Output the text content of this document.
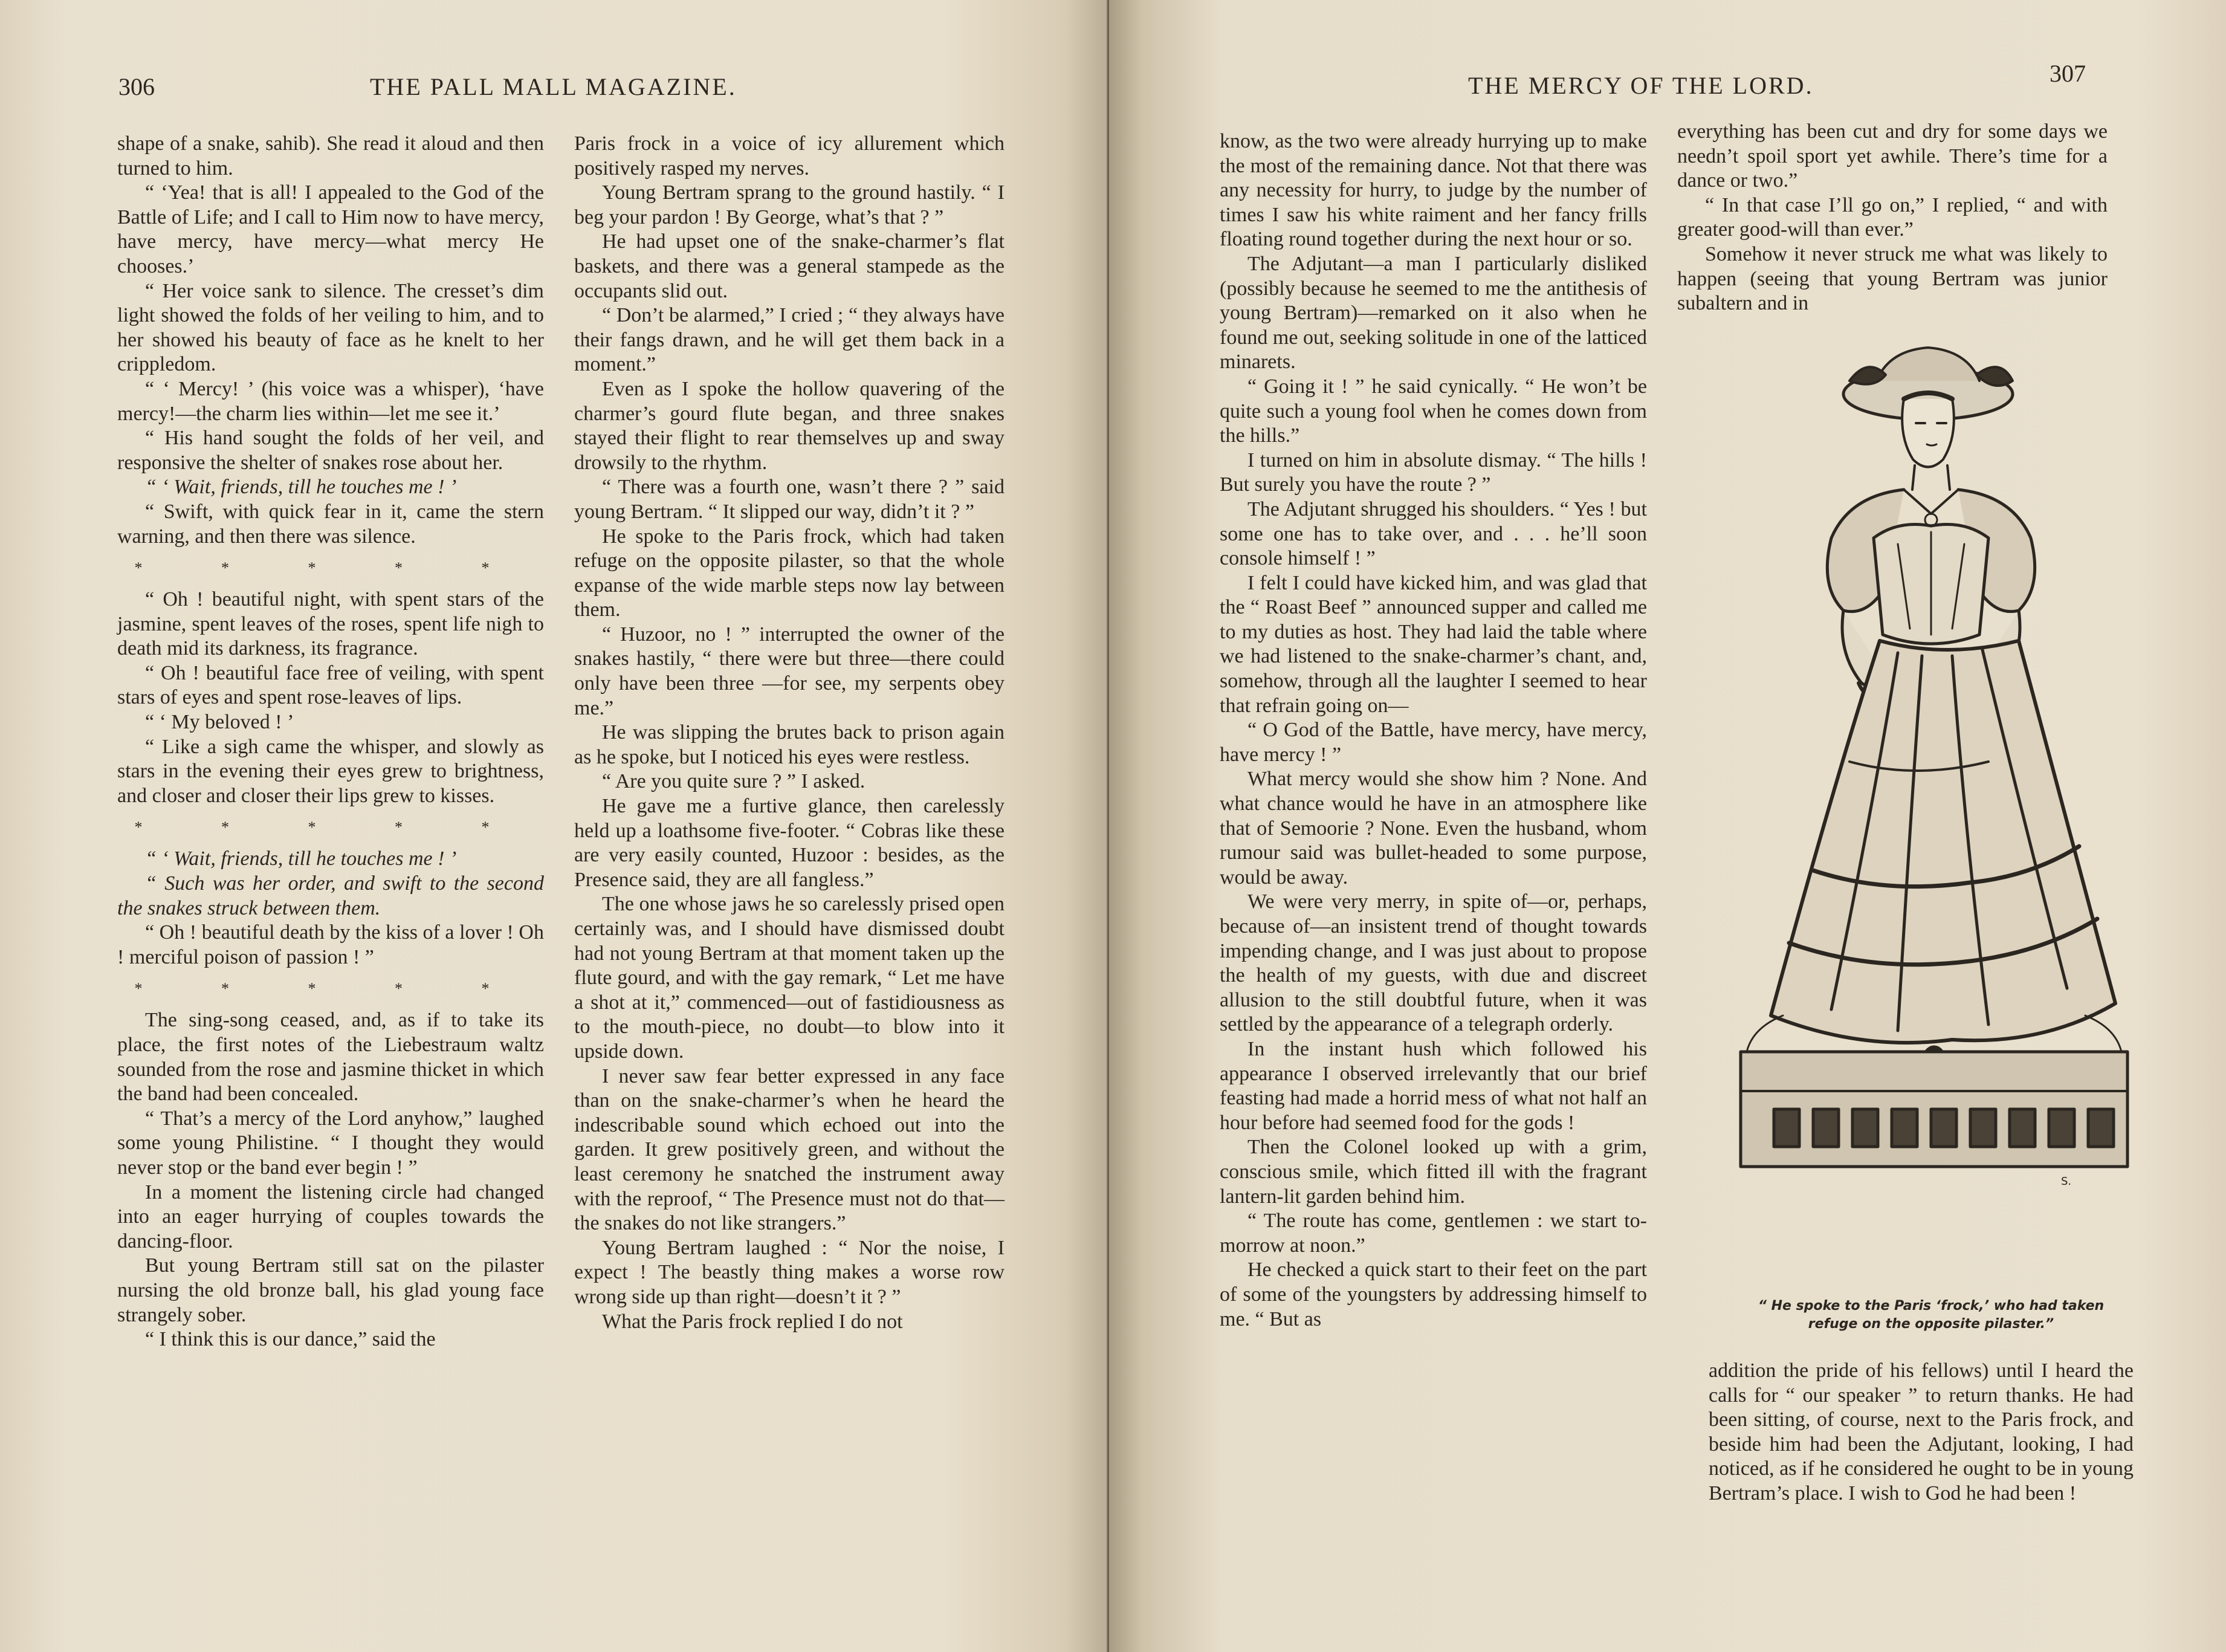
306	THE PALL MALL MAGAZINE.

shape of a snake, sahib). She read it aloud and then turned to him.

“ ‘Yea! that is all! I appealed to the God of the Battle of Life; and I call to Him now to have mercy, have mercy, have mercy—what mercy He chooses.’

“ Her voice sank to silence. The cresset’s dim light showed the folds of her veiling to him, and to her showed his beauty of face as he knelt to her crippledom.

“ ‘ Mercy! ’ (his voice was a whisper), ‘have mercy!—the charm lies within—let me see it.’

“ His hand sought the folds of her veil, and responsive the shelter of snakes rose about her.

“ ‘ Wait, friends, till he touches me ! ’

“ Swift, with quick fear in it, came the stern warning, and then there was silence.

* * * * *

“ Oh ! beautiful night, with spent stars of the jasmine, spent leaves of the roses, spent life nigh to death mid its darkness, its fragrance.

“ Oh ! beautiful face free of veiling, with spent stars of eyes and spent rose-leaves of lips.

“ ‘ My beloved ! ’

“ Like a sigh came the whisper, and slowly as stars in the evening their eyes grew to brightness, and closer and closer their lips grew to kisses.

* * * * *

“ ‘ Wait, friends, till he touches me ! ’

“ Such was her order, and swift to the second the snakes struck between them.

“ Oh ! beautiful death by the kiss of a lover ! Oh ! merciful poison of passion ! ”

* * * * *

The sing-song ceased, and, as if to take its place, the first notes of the Liebestraum waltz sounded from the rose and jasmine thicket in which the band had been concealed.

“ That’s a mercy of the Lord anyhow,” laughed some young Philistine. “ I thought they would never stop or the band ever begin ! ”

In a moment the listening circle had changed into an eager hurrying of couples towards the dancing-floor.

But young Bertram still sat on the pilaster nursing the old bronze ball, his glad young face strangely sober.

“ I think this is our dance,” said the

Paris frock in a voice of icy allurement which positively rasped my nerves.

Young Bertram sprang to the ground hastily. “ I beg your pardon ! By George, what’s that ? ”

He had upset one of the snake-charmer’s flat baskets, and there was a general stampede as the occupants slid out.

“ Don’t be alarmed,” I cried ; “ they always have their fangs drawn, and he will get them back in a moment.”

Even as I spoke the hollow quavering of the charmer’s gourd flute began, and three snakes stayed their flight to rear themselves up and sway drowsily to the rhythm.

“ There was a fourth one, wasn’t there ? ” said young Bertram. “ It slipped our way, didn’t it ? ”

He spoke to the Paris frock, which had taken refuge on the opposite pilaster, so that the whole expanse of the wide marble steps now lay between them.

“ Huzoor, no ! ” interrupted the owner of the snakes hastily, “ there were but three—there could only have been three —for see, my serpents obey me.”

He was slipping the brutes back to prison again as he spoke, but I noticed his eyes were restless.

“ Are you quite sure ? ” I asked.

He gave me a furtive glance, then carelessly held up a loathsome five-footer. “ Cobras like these are very easily counted, Huzoor : besides, as the Presence said, they are all fangless.”

The one whose jaws he so carelessly prised open certainly was, and I should have dismissed doubt had not young Bertram at that moment taken up the flute gourd, and with the gay remark, “ Let me have a shot at it,” commenced—out of fastidiousness as to the mouth-piece, no doubt—to blow into it upside down.

I never saw fear better expressed in any face than on the snake-charmer’s when he heard the indescribable sound which echoed out into the garden. It grew positively green, and without the least ceremony he snatched the instrument away with the reproof, “ The Presence must not do that—the snakes do not like strangers.”

Young Bertram laughed : “ Nor the noise, I expect ! The beastly thing makes a worse row wrong side up than right—doesn’t it ? ”

What the Paris frock replied I do not

THE MERCY OF THE LORD.	307

know, as the two were already hurrying up to make the most of the remaining dance. Not that there was any necessity for hurry, to judge by the number of times I saw his white raiment and her fancy frills floating round together during the next hour or so.

The Adjutant—a man I particularly disliked (possibly because he seemed to me the antithesis of young Bertram)—remarked on it also when he found me out, seeking solitude in one of the latticed minarets.

“ Going it ! ” he said cynically. “ He won’t be quite such a young fool when he comes down from the hills.”

I turned on him in absolute dismay. “ The hills ! But surely you have the route ? ”

The Adjutant shrugged his shoulders. “ Yes ! but some one has to take over, and . . . he’ll soon console himself ! ”

I felt I could have kicked him, and was glad that the “ Roast Beef ” announced supper and called me to my duties as host. They had laid the table where we had listened to the snake-charmer’s chant, and, somehow, through all the laughter I seemed to hear that refrain going on—

“ O God of the Battle, have mercy, have mercy, have mercy ! ”

What mercy would she show him ? None. And what chance would he have in an atmosphere like that of Semoorie ? None. Even the husband, whom rumour said was bullet-headed to some purpose, would be away.

We were very merry, in spite of—or, perhaps, because of—an insistent trend of thought towards impending change, and I was just about to propose the health of my guests, with due and discreet allusion to the still doubtful future, when it was settled by the appearance of a telegraph orderly.

In the instant hush which followed his appearance I observed irrelevantly that our brief feasting had made a horrid mess of what not half an hour before had seemed food for the gods !

Then the Colonel looked up with a grim, conscious smile, which fitted ill with the fragrant lantern-lit garden behind him.

“ The route has come, gentlemen : we start to-morrow at noon.”

He checked a quick start to their feet on the part of some of the youngsters by addressing himself to me. “ But as

everything has been cut and dry for some days we needn’t spoil sport yet awhile. There’s time for a dance or two.”

“ In that case I’ll go on,” I replied, “ and with greater good-will than ever.”

Somehow it never struck me what was likely to happen (seeing that young Bertram was junior subaltern and in

addition the pride of his fellows) until I heard the calls for “ our speaker ” to return thanks. He had been sitting, of course, next to the Paris frock, and beside him had been the Adjutant, looking, I had noticed, as if he considered he ought to be in young Bertram’s place. I wish to God he had been !

S.

“ He spoke to the Paris ‘frock,’ who had taken

refuge on the opposite pilaster.”
